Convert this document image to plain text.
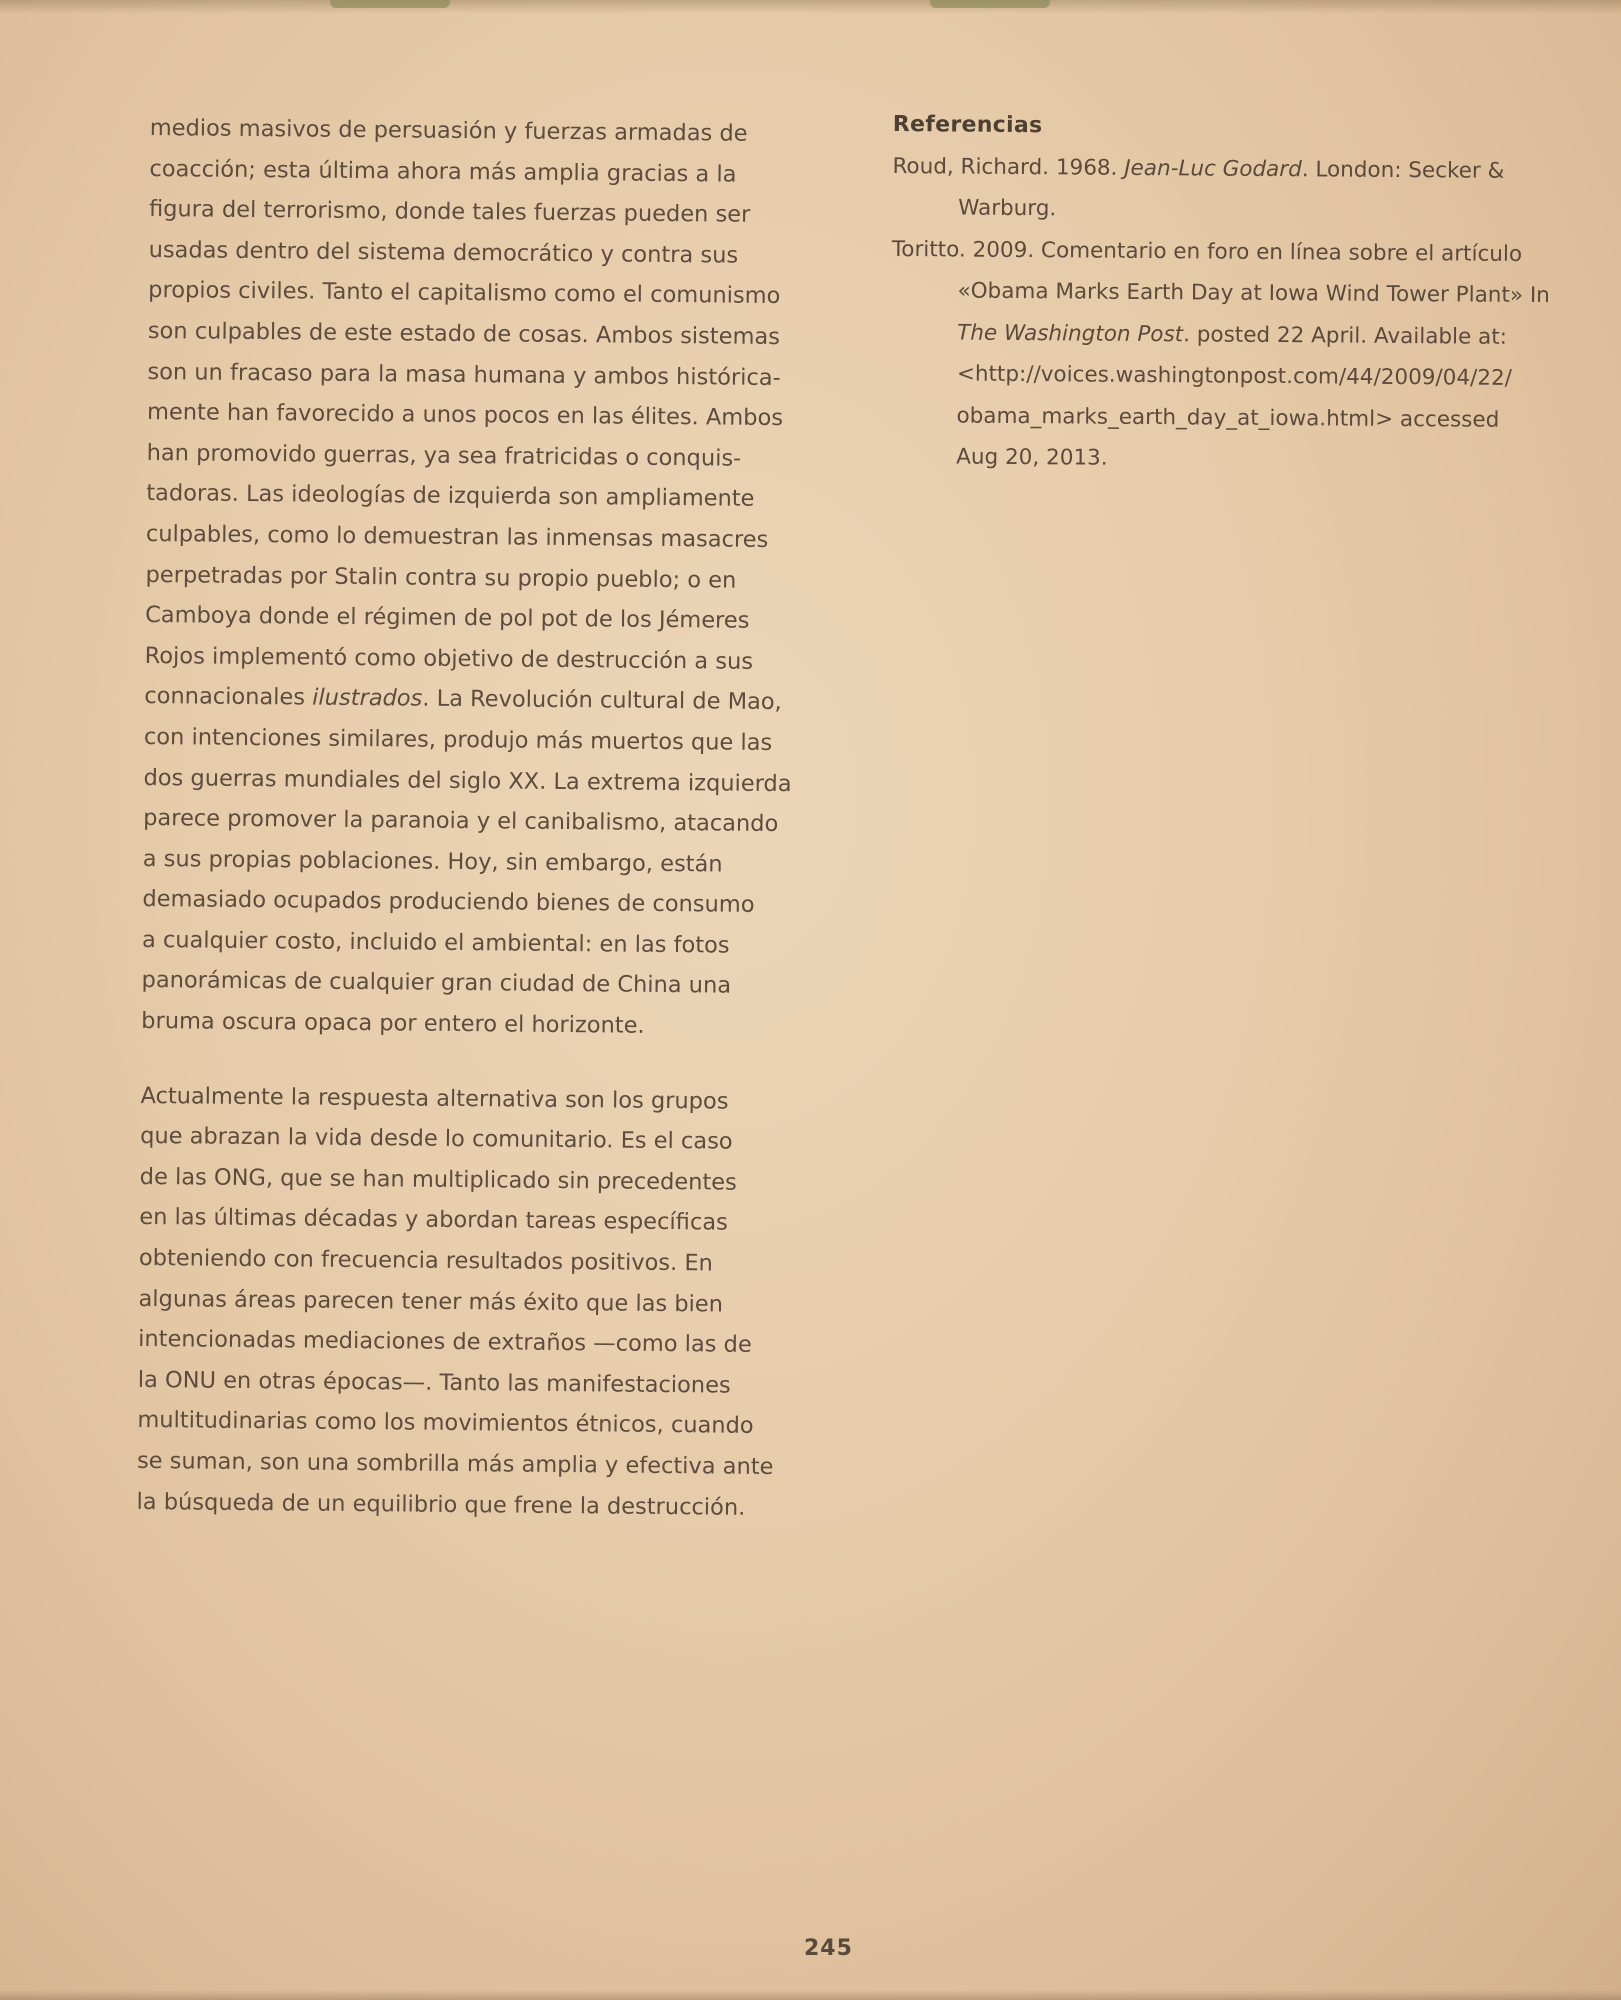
medios masivos de persuasión y fuerzas armadas de

coacción; esta última ahora más amplia gracias a la

figura del terrorismo, donde tales fuerzas pueden ser

usadas dentro del sistema democrático y contra sus

propios civiles. Tanto el capitalismo como el comunismo

son culpables de este estado de cosas. Ambos sistemas

son un fracaso para la masa humana y ambos histórica-

mente han favorecido a unos pocos en las élites. Ambos

han promovido guerras, ya sea fratricidas o conquis-

tadoras. Las ideologías de izquierda son ampliamente

culpables, como lo demuestran las inmensas masacres

perpetradas por Stalin contra su propio pueblo; o en

Camboya donde el régimen de pol pot de los Jémeres

Rojos implementó como objetivo de destrucción a sus

connacionales ilustrados. La Revolución cultural de Mao,

con intenciones similares, produjo más muertos que las

dos guerras mundiales del siglo XX. La extrema izquierda

parece promover la paranoia y el canibalismo, atacando

a sus propias poblaciones. Hoy, sin embargo, están

demasiado ocupados produciendo bienes de consumo

a cualquier costo, incluido el ambiental: en las fotos

panorámicas de cualquier gran ciudad de China una

bruma oscura opaca por entero el horizonte.

Actualmente la respuesta alternativa son los grupos

que abrazan la vida desde lo comunitario. Es el caso

de las ONG, que se han multiplicado sin precedentes

en las últimas décadas y abordan tareas específicas

obteniendo con frecuencia resultados positivos. En

algunas áreas parecen tener más éxito que las bien

intencionadas mediaciones de extraños —como las de

la ONU en otras épocas—. Tanto las manifestaciones

multitudinarias como los movimientos étnicos, cuando

se suman, son una sombrilla más amplia y efectiva ante

la búsqueda de un equilibrio que frene la destrucción.

Referencias

Roud, Richard. 1968. Jean-Luc Godard. London: Secker &

Warburg.

Toritto. 2009. Comentario en foro en línea sobre el artículo

«Obama Marks Earth Day at Iowa Wind Tower Plant» In

The Washington Post. posted 22 April. Available at:

<http://voices.washingtonpost.com/44/2009/04/22/

obama_marks_earth_day_at_iowa.html> accessed

Aug 20, 2013.

245
